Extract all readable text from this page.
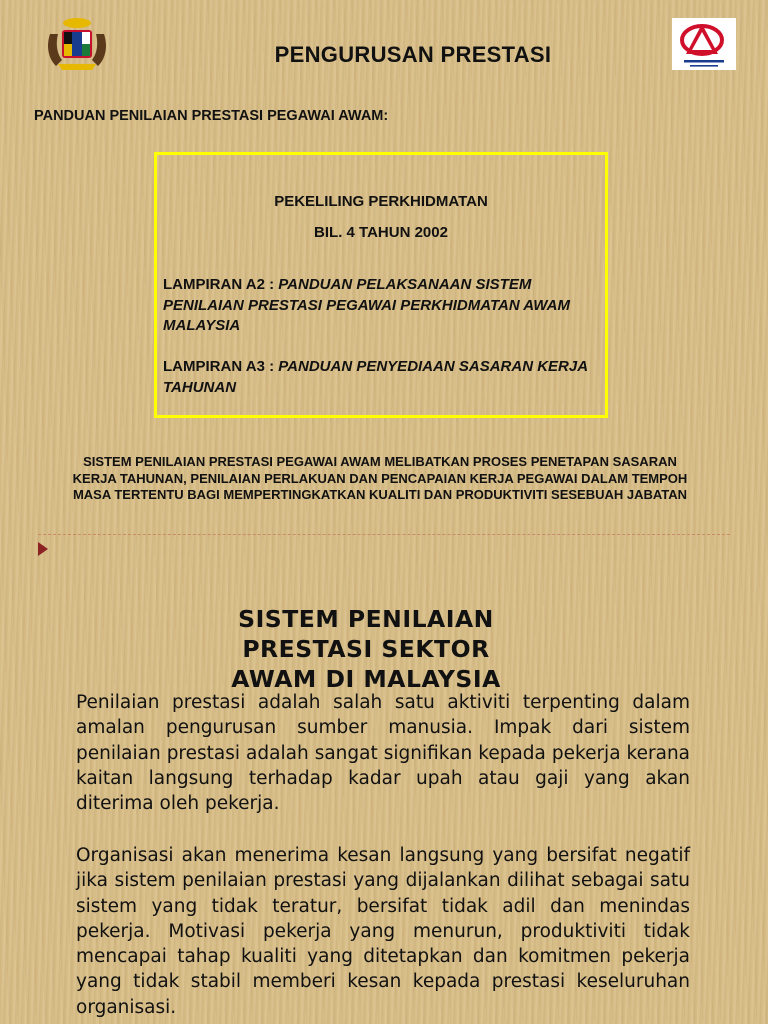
PENGURUSAN PRESTASI
PANDUAN PENILAIAN PRESTASI PEGAWAI AWAM:
PEKELILING PERKHIDMATAN
BIL. 4 TAHUN 2002
LAMPIRAN A2 : PANDUAN PELAKSANAAN SISTEM PENILAIAN PRESTASI PEGAWAI PERKHIDMATAN AWAM MALAYSIA
LAMPIRAN A3 : PANDUAN PENYEDIAAN SASARAN KERJA TAHUNAN
SISTEM PENILAIAN PRESTASI PEGAWAI AWAM MELIBATKAN PROSES PENETAPAN SASARAN KERJA TAHUNAN, PENILAIAN PERLAKUAN DAN PENCAPAIAN KERJA PEGAWAI DALAM TEMPOH MASA TERTENTU BAGI MEMPERTINGKATKAN KUALITI DAN PRODUKTIVITI SESEBUAH JABATAN
SISTEM PENILAIAN PRESTASI SEKTOR AWAM DI MALAYSIA
Penilaian prestasi adalah salah satu aktiviti terpenting dalam amalan pengurusan sumber manusia. Impak dari sistem penilaian prestasi adalah sangat signifikan kepada pekerja kerana kaitan langsung terhadap kadar upah atau gaji yang akan diterima oleh pekerja.
Organisasi akan menerima kesan langsung yang bersifat negatif jika sistem penilaian prestasi yang dijalankan dilihat sebagai satu sistem yang tidak teratur, bersifat tidak adil dan menindas pekerja. Motivasi pekerja yang menurun, produktiviti tidak mencapai tahap kualiti yang ditetapkan dan komitmen pekerja yang tidak stabil memberi kesan kepada prestasi keseluruhan organisasi.
